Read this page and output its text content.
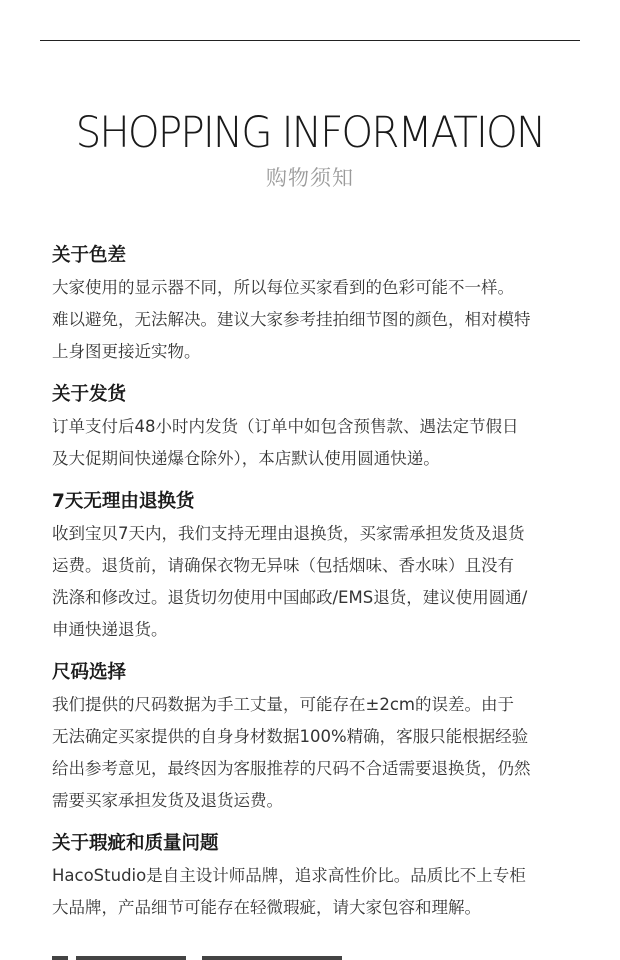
SHOPPING INFORMATION
购物须知
关于色差
大家使用的显示器不同，所以每位买家看到的色彩可能不一样。
难以避免，无法解决。建议大家参考挂拍细节图的颜色，相对模特
上身图更接近实物。
关于发货
订单支付后48小时内发货（订单中如包含预售款、遇法定节假日
及大促期间快递爆仓除外），本店默认使用圆通快递。
7天无理由退换货
收到宝贝7天内，我们支持无理由退换货，买家需承担发货及退货
运费。退货前，请确保衣物无异味（包括烟味、香水味）且没有
洗涤和修改过。退货切勿使用中国邮政/EMS退货，建议使用圆通/
申通快递退货。
尺码选择
我们提供的尺码数据为手工丈量，可能存在±2cm的误差。由于
无法确定买家提供的自身身材数据100%精确，客服只能根据经验
给出参考意见，最终因为客服推荐的尺码不合适需要退换货，仍然
需要买家承担发货及退货运费。
关于瑕疵和质量问题
HacoStudio是自主设计师品牌，追求高性价比。品质比不上专柜
大品牌，产品细节可能存在轻微瑕疵，请大家包容和理解。
